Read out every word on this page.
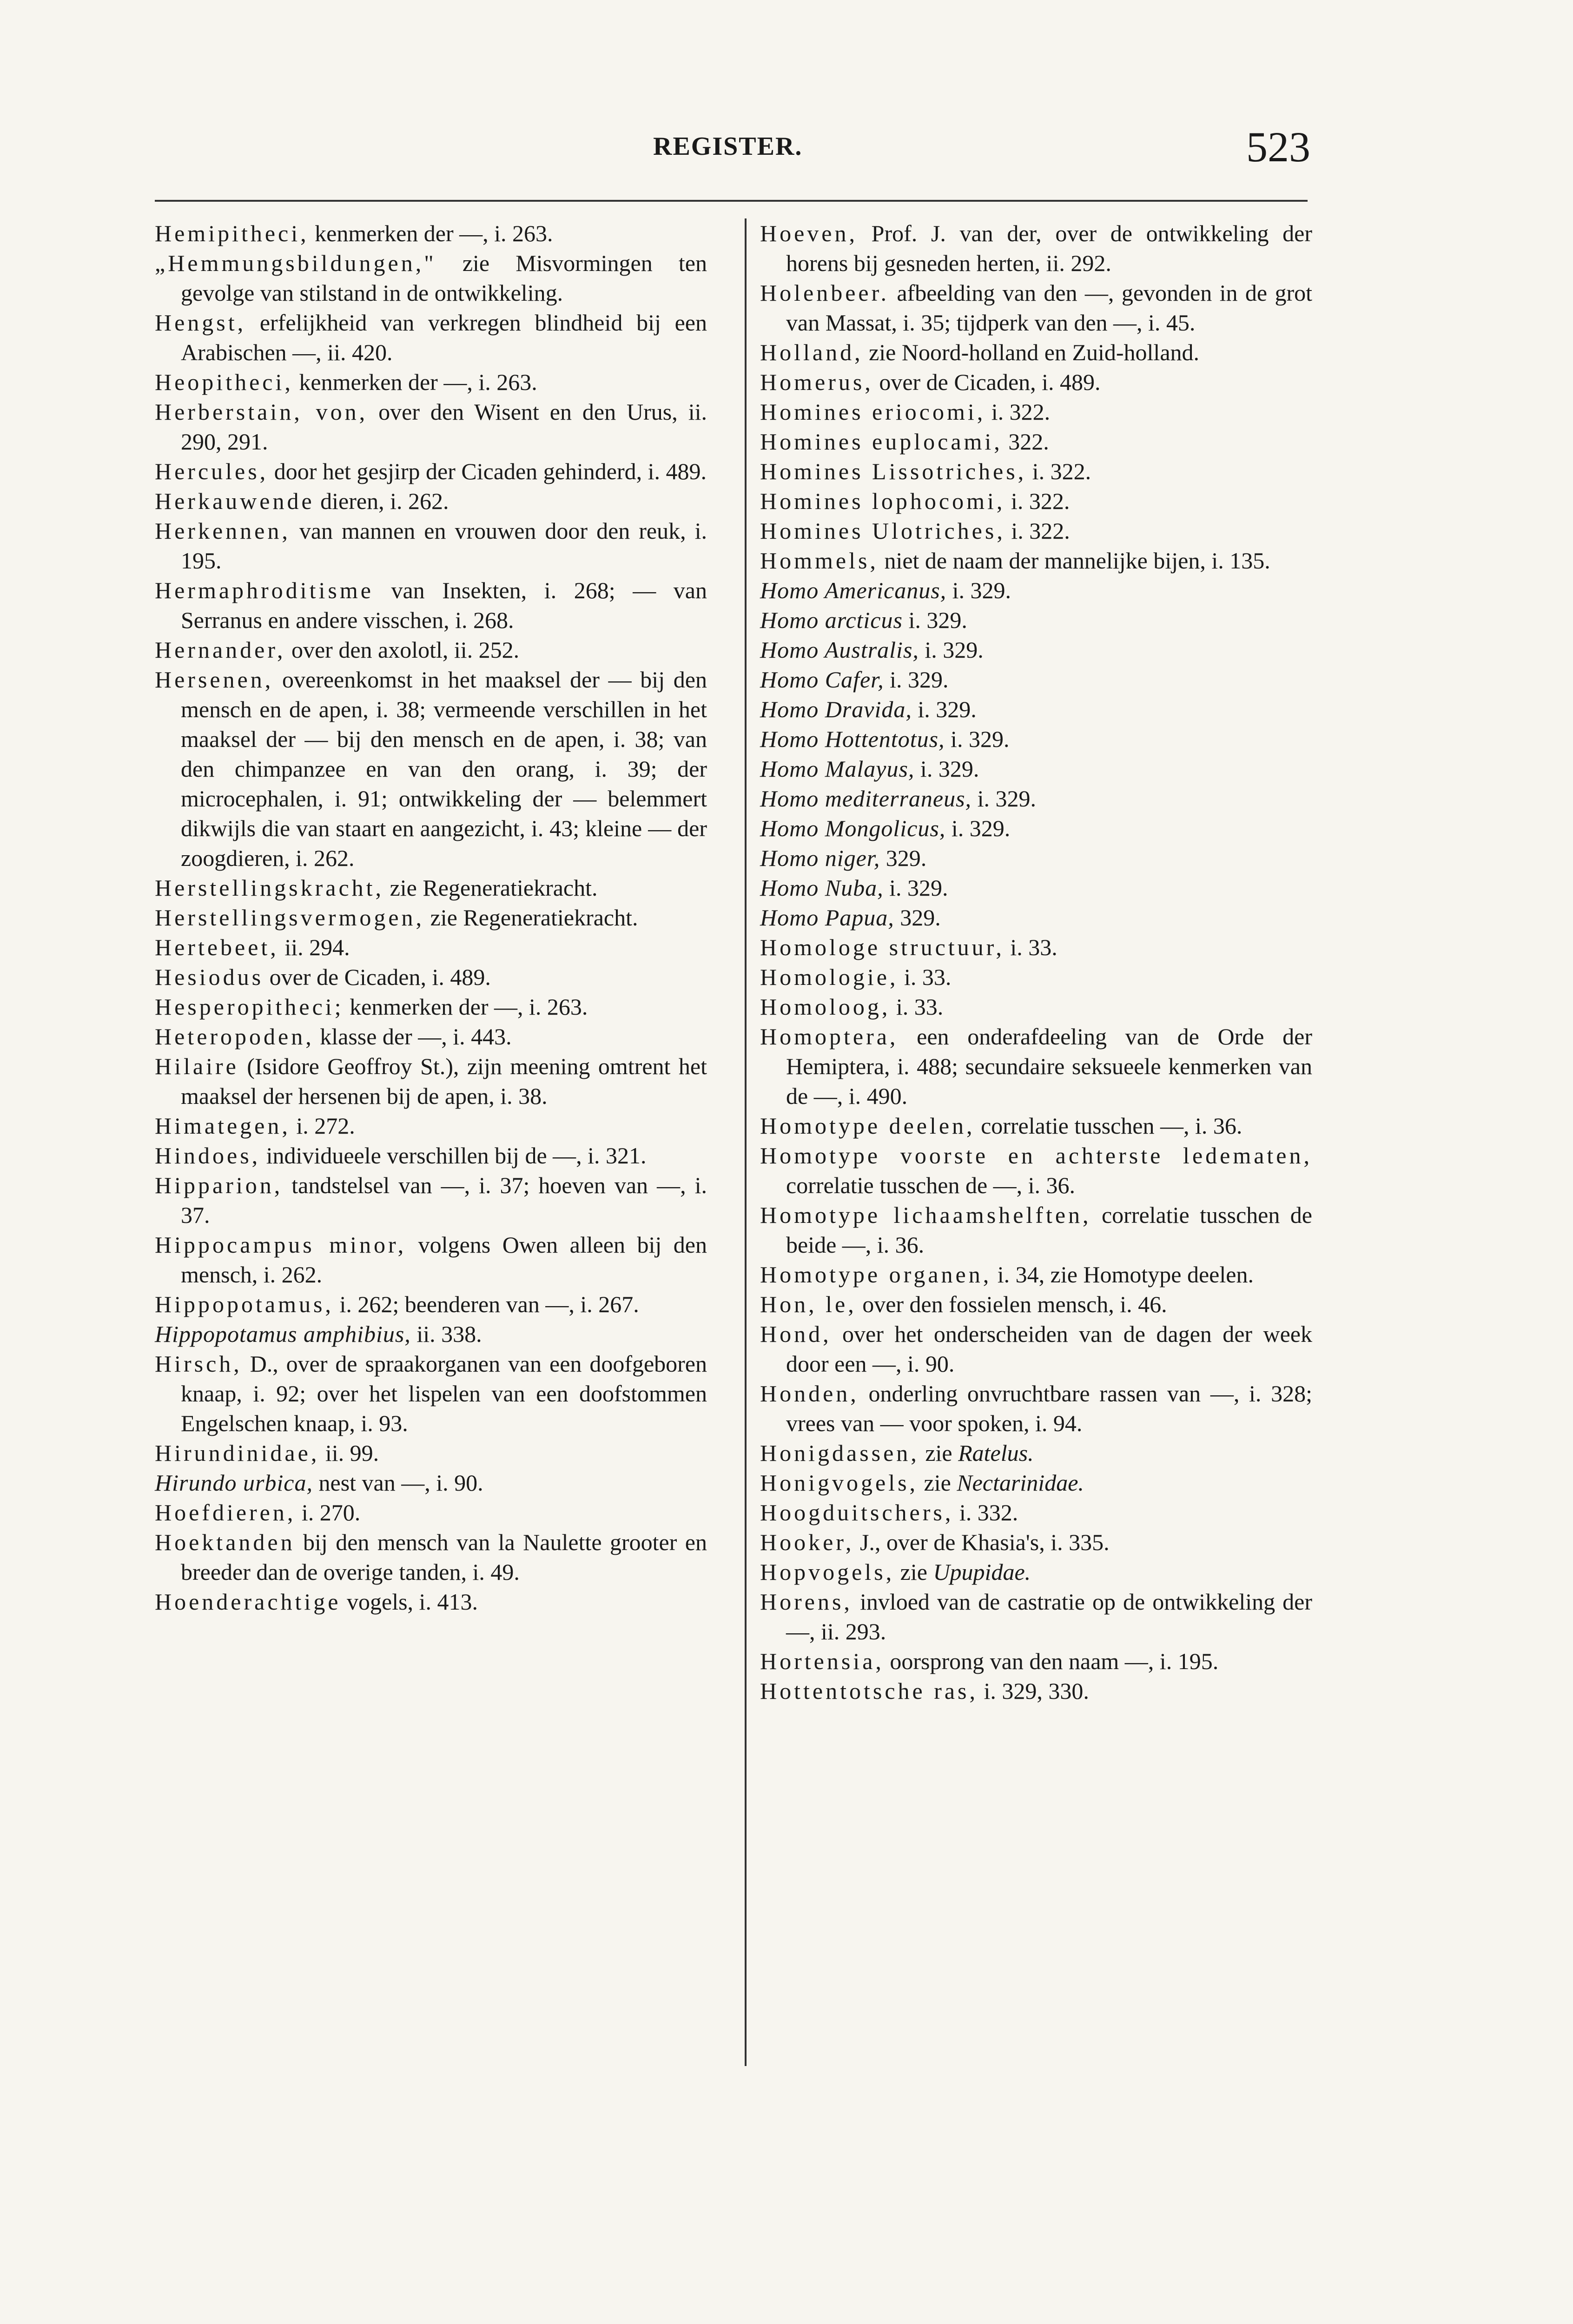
REGISTER.	523

Hemipitheci, kenmerken der —, i. 263.

„Hemmungsbildungen," zie Misvormingen ten gevolge van stilstand in de ontwikkeling.

Hengst, erfelijkheid van verkregen blindheid bij een Arabischen —, ii. 420.

Heopitheci, kenmerken der —, i. 263.

Herberstain, von, over den Wisent en den Urus, ii. 290, 291.

Hercules, door het gesjirp der Cicaden gehinderd, i. 489.

Herkauwende dieren, i. 262.

Herkennen, van mannen en vrouwen door den reuk, i. 195.

Hermaphroditisme van Insekten, i. 268; — van Serranus en andere visschen, i. 268.

Hernander, over den axolotl, ii. 252.

Hersenen, overeenkomst in het maaksel der — bij den mensch en de apen, i. 38; vermeende verschillen in het maaksel der — bij den mensch en de apen, i. 38; van den chimpanzee en van den orang, i. 39; der microcephalen, i. 91; ontwikkeling der — belemmert dikwijls die van staart en aangezicht, i. 43; kleine — der zoogdieren, i. 262.

Herstellingskracht, zie Regeneratiekracht.

Herstellingsvermogen, zie Regeneratiekracht.

Hertebeet, ii. 294.

Hesiodus over de Cicaden, i. 489.

Hesperopitheci; kenmerken der —, i. 263.

Heteropoden, klasse der —, i. 443.

Hilaire (Isidore Geoffroy St.), zijn meening omtrent het maaksel der hersenen bij de apen, i. 38.

Himategen, i. 272.

Hindoes, individueele verschillen bij de —, i. 321.

Hipparion, tandstelsel van —, i. 37; hoeven van —, i. 37.

Hippocampus minor, volgens Owen alleen bij den mensch, i. 262.

Hippopotamus, i. 262; beenderen van —, i. 267.

Hippopotamus amphibius, ii. 338.

Hirsch, D., over de spraakorganen van een doofgeboren knaap, i. 92; over het lispelen van een doofstommen Engelschen knaap, i. 93.

Hirundinidae, ii. 99.

Hirundo urbica, nest van —, i. 90.

Hoefdieren, i. 270.

Hoektanden bij den mensch van la Naulette grooter en breeder dan de overige tanden, i. 49.

Hoenderachtige vogels, i. 413.

Hoeven, Prof. J. van der, over de ontwikkeling der horens bij gesneden herten, ii. 292.

Holenbeer. afbeelding van den —, gevonden in de grot van Massat, i. 35; tijdperk van den —, i. 45.

Holland, zie Noord-holland en Zuid-holland.

Homerus, over de Cicaden, i. 489.

Homines eriocomi, i. 322.

Homines euplocami, 322.

Homines Lissotriches, i. 322.

Homines lophocomi, i. 322.

Homines Ulotriches, i. 322.

Hommels, niet de naam der mannelijke bijen, i. 135.

Homo Americanus, i. 329.

Homo arcticus i. 329.

Homo Australis, i. 329.

Homo Cafer, i. 329.

Homo Dravida, i. 329.

Homo Hottentotus, i. 329.

Homo Malayus, i. 329.

Homo mediterraneus, i. 329.

Homo Mongolicus, i. 329.

Homo niger, 329.

Homo Nuba, i. 329.

Homo Papua, 329.

Homologe structuur, i. 33.

Homologie, i. 33.

Homoloog, i. 33.

Homoptera, een onderafdeeling van de Orde der Hemiptera, i. 488; secundaire seksueele kenmerken van de —, i. 490.

Homotype deelen, correlatie tusschen —, i. 36.

Homotype voorste en achterste ledematen, correlatie tusschen de —, i. 36.

Homotype lichaamshelften, correlatie tusschen de beide —, i. 36.

Homotype organen, i. 34, zie Homotype deelen.

Hon, le, over den fossielen mensch, i. 46.

Hond, over het onderscheiden van de dagen der week door een —, i. 90.

Honden, onderling onvruchtbare rassen van —, i. 328; vrees van — voor spoken, i. 94.

Honigdassen, zie Ratelus.

Honigvogels, zie Nectarinidae.

Hoogduitschers, i. 332.

Hooker, J., over de Khasia's, i. 335.

Hopvogels, zie Upupidae.

Horens, invloed van de castratie op de ontwikkeling der —, ii. 293.

Hortensia, oorsprong van den naam —, i. 195.

Hottentotsche ras, i. 329, 330.
